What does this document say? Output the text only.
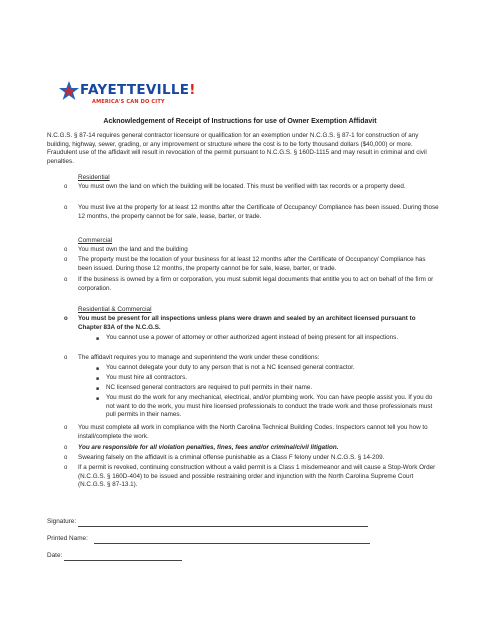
FAYETTEVILLE!
AMERICA'S CAN DO CITY
Acknowledgement of Receipt of Instructions for use of Owner Exemption Affidavit
N.C.G.S. § 87-14 requires general contractor licensure or qualification for an exemption under N.C.G.S. § 87-1 for construction of any building, highway, sewer, grading, or any improvement or structure where the cost is to be forty thousand dollars ($40,000) or more. Fraudulent use of the affidavit will result in revocation of the permit pursuant to N.C.G.S. § 160D-1115 and may result in criminal and civil penalties.
Residential
o You must own the land on which the building will be located. This must be verified with tax records or a property deed.
o You must live at the property for at least 12 months after the Certificate of Occupancy/ Compliance has been issued. During those 12 months, the property cannot be for sale, lease, barter, or trade.
Commercial
o You must own the land and the building
o The property must be the location of your business for at least 12 months after the Certificate of Occupancy/ Compliance has been issued. During those 12 months, the property cannot be for sale, lease, barter, or trade.
o If the business is owned by a firm or corporation, you must submit legal documents that entitle you to act on behalf of the firm or corporation.
Residential & Commercial
o You must be present for all inspections unless plans were drawn and sealed by an architect licensed pursuant to Chapter 83A of the N.C.G.S.
■ You cannot use a power of attorney or other authorized agent instead of being present for all inspections.
o The affidavit requires you to manage and superintend the work under these conditions:
■ You cannot delegate your duty to any person that is not a NC licensed general contractor.
■ You must hire all contractors.
■ NC licensed general contractors are required to pull permits in their name.
■ You must do the work for any mechanical, electrical, and/or plumbing work. You can have people assist you. If you do not want to do the work, you must hire licensed professionals to conduct the trade work and those professionals must pull permits in their names.
o You must complete all work in compliance with the North Carolina Technical Building Codes. Inspectors cannot tell you how to install/complete the work.
o You are responsible for all violation penalties, fines, fees and/or criminal/civil litigation.
o Swearing falsely on the affidavit is a criminal offense punishable as a Class F felony under N.C.G.S. § 14-209.
o If a permit is revoked, continuing construction without a valid permit is a Class 1 misdemeanor and will cause a Stop-Work Order (N.C.G.S. § 160D-404) to be issued and possible restraining order and injunction with the North Carolina Supreme Court (N.C.G.S. § 87-13.1).
Signature:
Printed Name:
Date:
